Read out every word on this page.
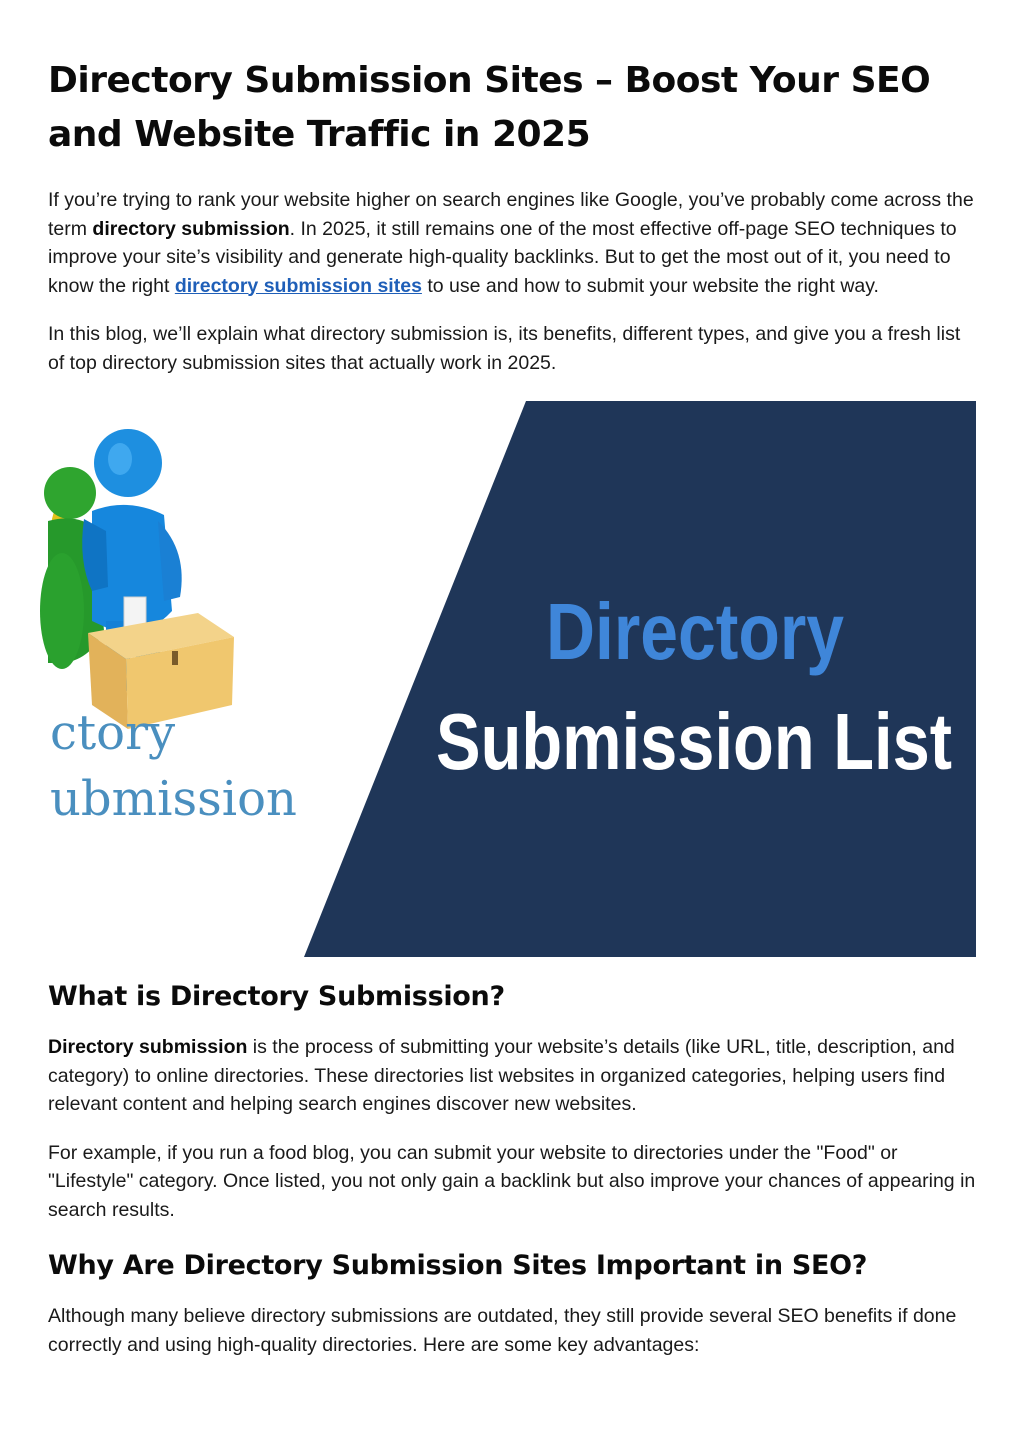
Directory Submission Sites – Boost Your SEO and Website Traffic in 2025

If you’re trying to rank your website higher on search engines like Google, you’ve probably come across the term directory submission. In 2025, it still remains one of the most effective off-page SEO techniques to improve your site’s visibility and generate high-quality backlinks. But to get the most out of it, you need to know the right directory submission sites to use and how to submit your website the right way.

In this blog, we’ll explain what directory submission is, its benefits, different types, and give you a fresh list of top directory submission sites that actually work in 2025.

ctory
ubmission
Directory
Submission List
What is Directory Submission?

Directory submission is the process of submitting your website’s details (like URL, title, description, and category) to online directories. These directories list websites in organized categories, helping users find relevant content and helping search engines discover new websites.

For example, if you run a food blog, you can submit your website to directories under the "Food" or "Lifestyle" category. Once listed, you not only gain a backlink but also improve your chances of appearing in search results.

Why Are Directory Submission Sites Important in SEO?

Although many believe directory submissions are outdated, they still provide several SEO benefits if done correctly and using high-quality directories. Here are some key advantages:
